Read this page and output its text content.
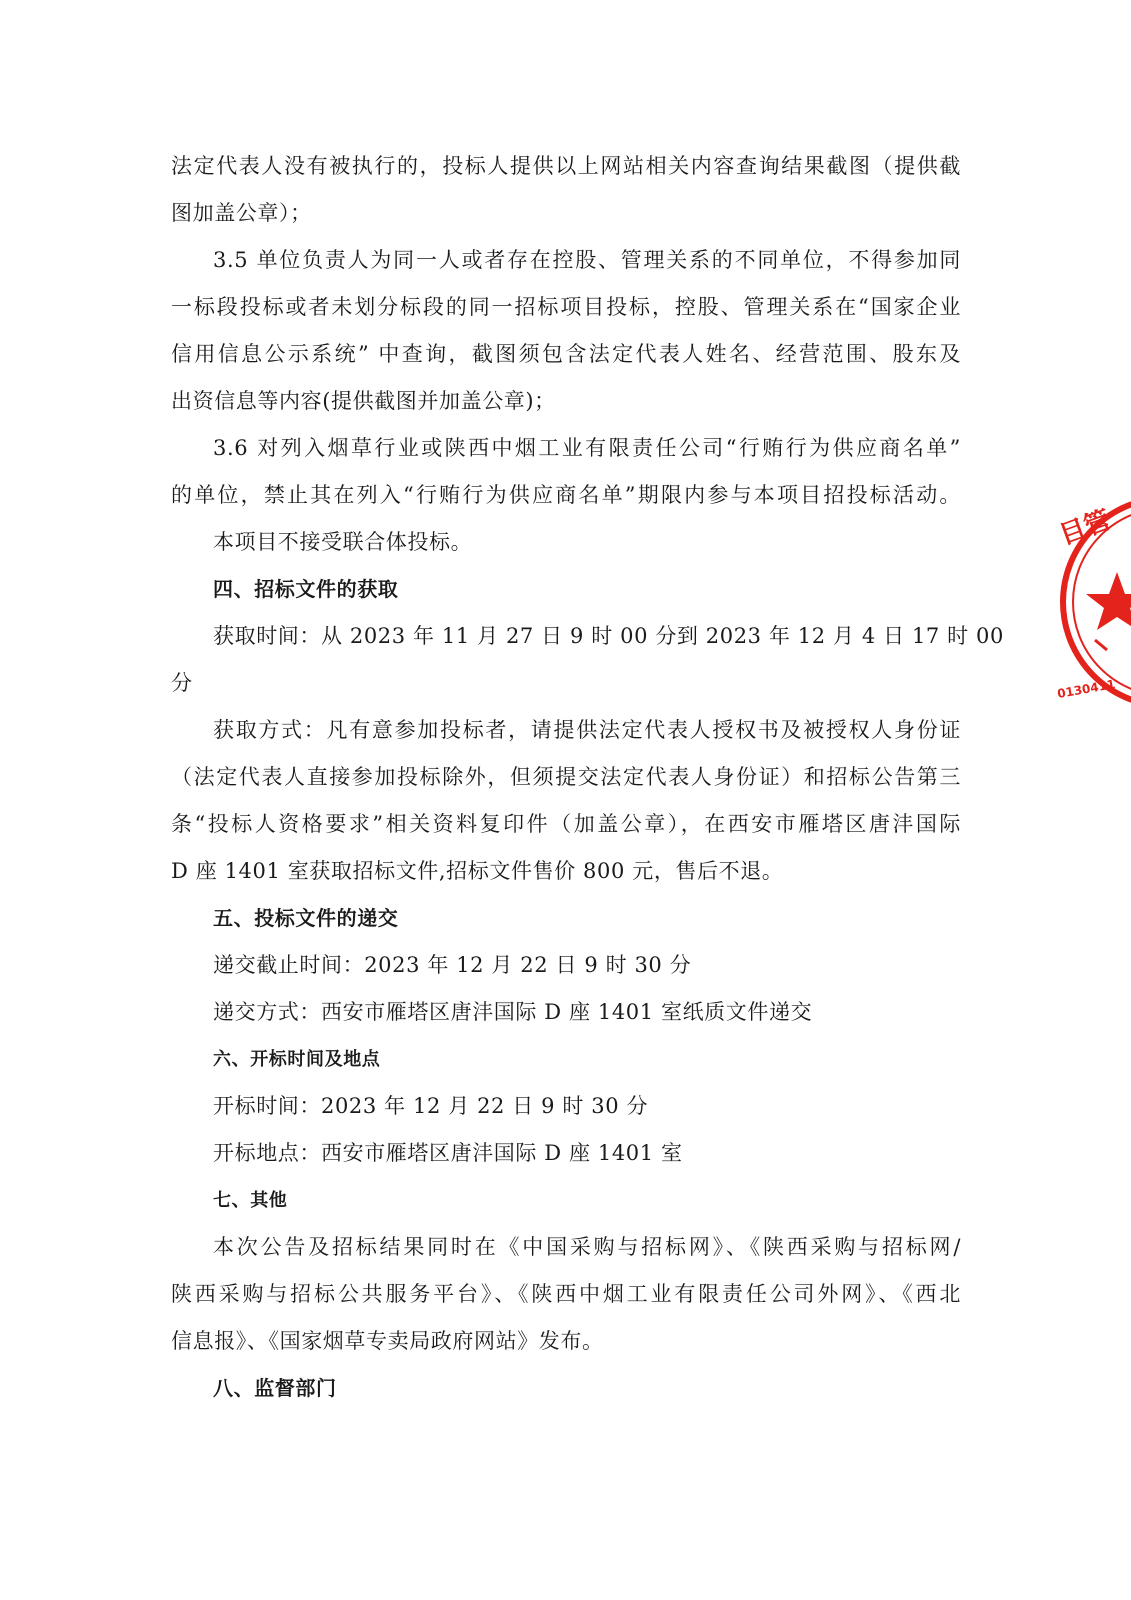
法定代表人没有被执行的，投标人提供以上网站相关内容查询结果截图（提供截
图加盖公章）；
3.5 单位负责人为同一人或者存在控股、管理关系的不同单位，不得参加同
一标段投标或者未划分标段的同一招标项目投标，控股、管理关系在“国家企业
信用信息公示系统” 中查询，截图须包含法定代表人姓名、经营范围、股东及
出资信息等内容(提供截图并加盖公章)；
3.6 对列入烟草行业或陕西中烟工业有限责任公司“行贿行为供应商名单”
的单位，禁止其在列入“行贿行为供应商名单”期限内参与本项目招投标活动。
本项目不接受联合体投标。
四、招标文件的获取
获取时间：从 2023 年 11 月 27 日 9 时 00 分到 2023 年 12 月 4 日 17 时 00
分
获取方式：凡有意参加投标者，请提供法定代表人授权书及被授权人身份证
（法定代表人直接参加投标除外，但须提交法定代表人身份证）和招标公告第三
条“投标人资格要求”相关资料复印件（加盖公章），在西安市雁塔区唐沣国际
D 座 1401 室获取招标文件,招标文件售价 800 元，售后不退。
五、投标文件的递交
递交截止时间：2023 年 12 月 22 日 9 时 30 分
递交方式：西安市雁塔区唐沣国际 D 座 1401 室纸质文件递交
六、开标时间及地点
开标时间：2023 年 12 月 22 日 9 时 30 分
开标地点：西安市雁塔区唐沣国际 D 座 1401 室
七、其他
本次公告及招标结果同时在《中国采购与招标网》、《陕西采购与招标网/
陕西采购与招标公共服务平台》、《陕西中烟工业有限责任公司外网》、《西北
信息报》、《国家烟草专卖局政府网站》发布。
八、监督部门
目管
0130411
